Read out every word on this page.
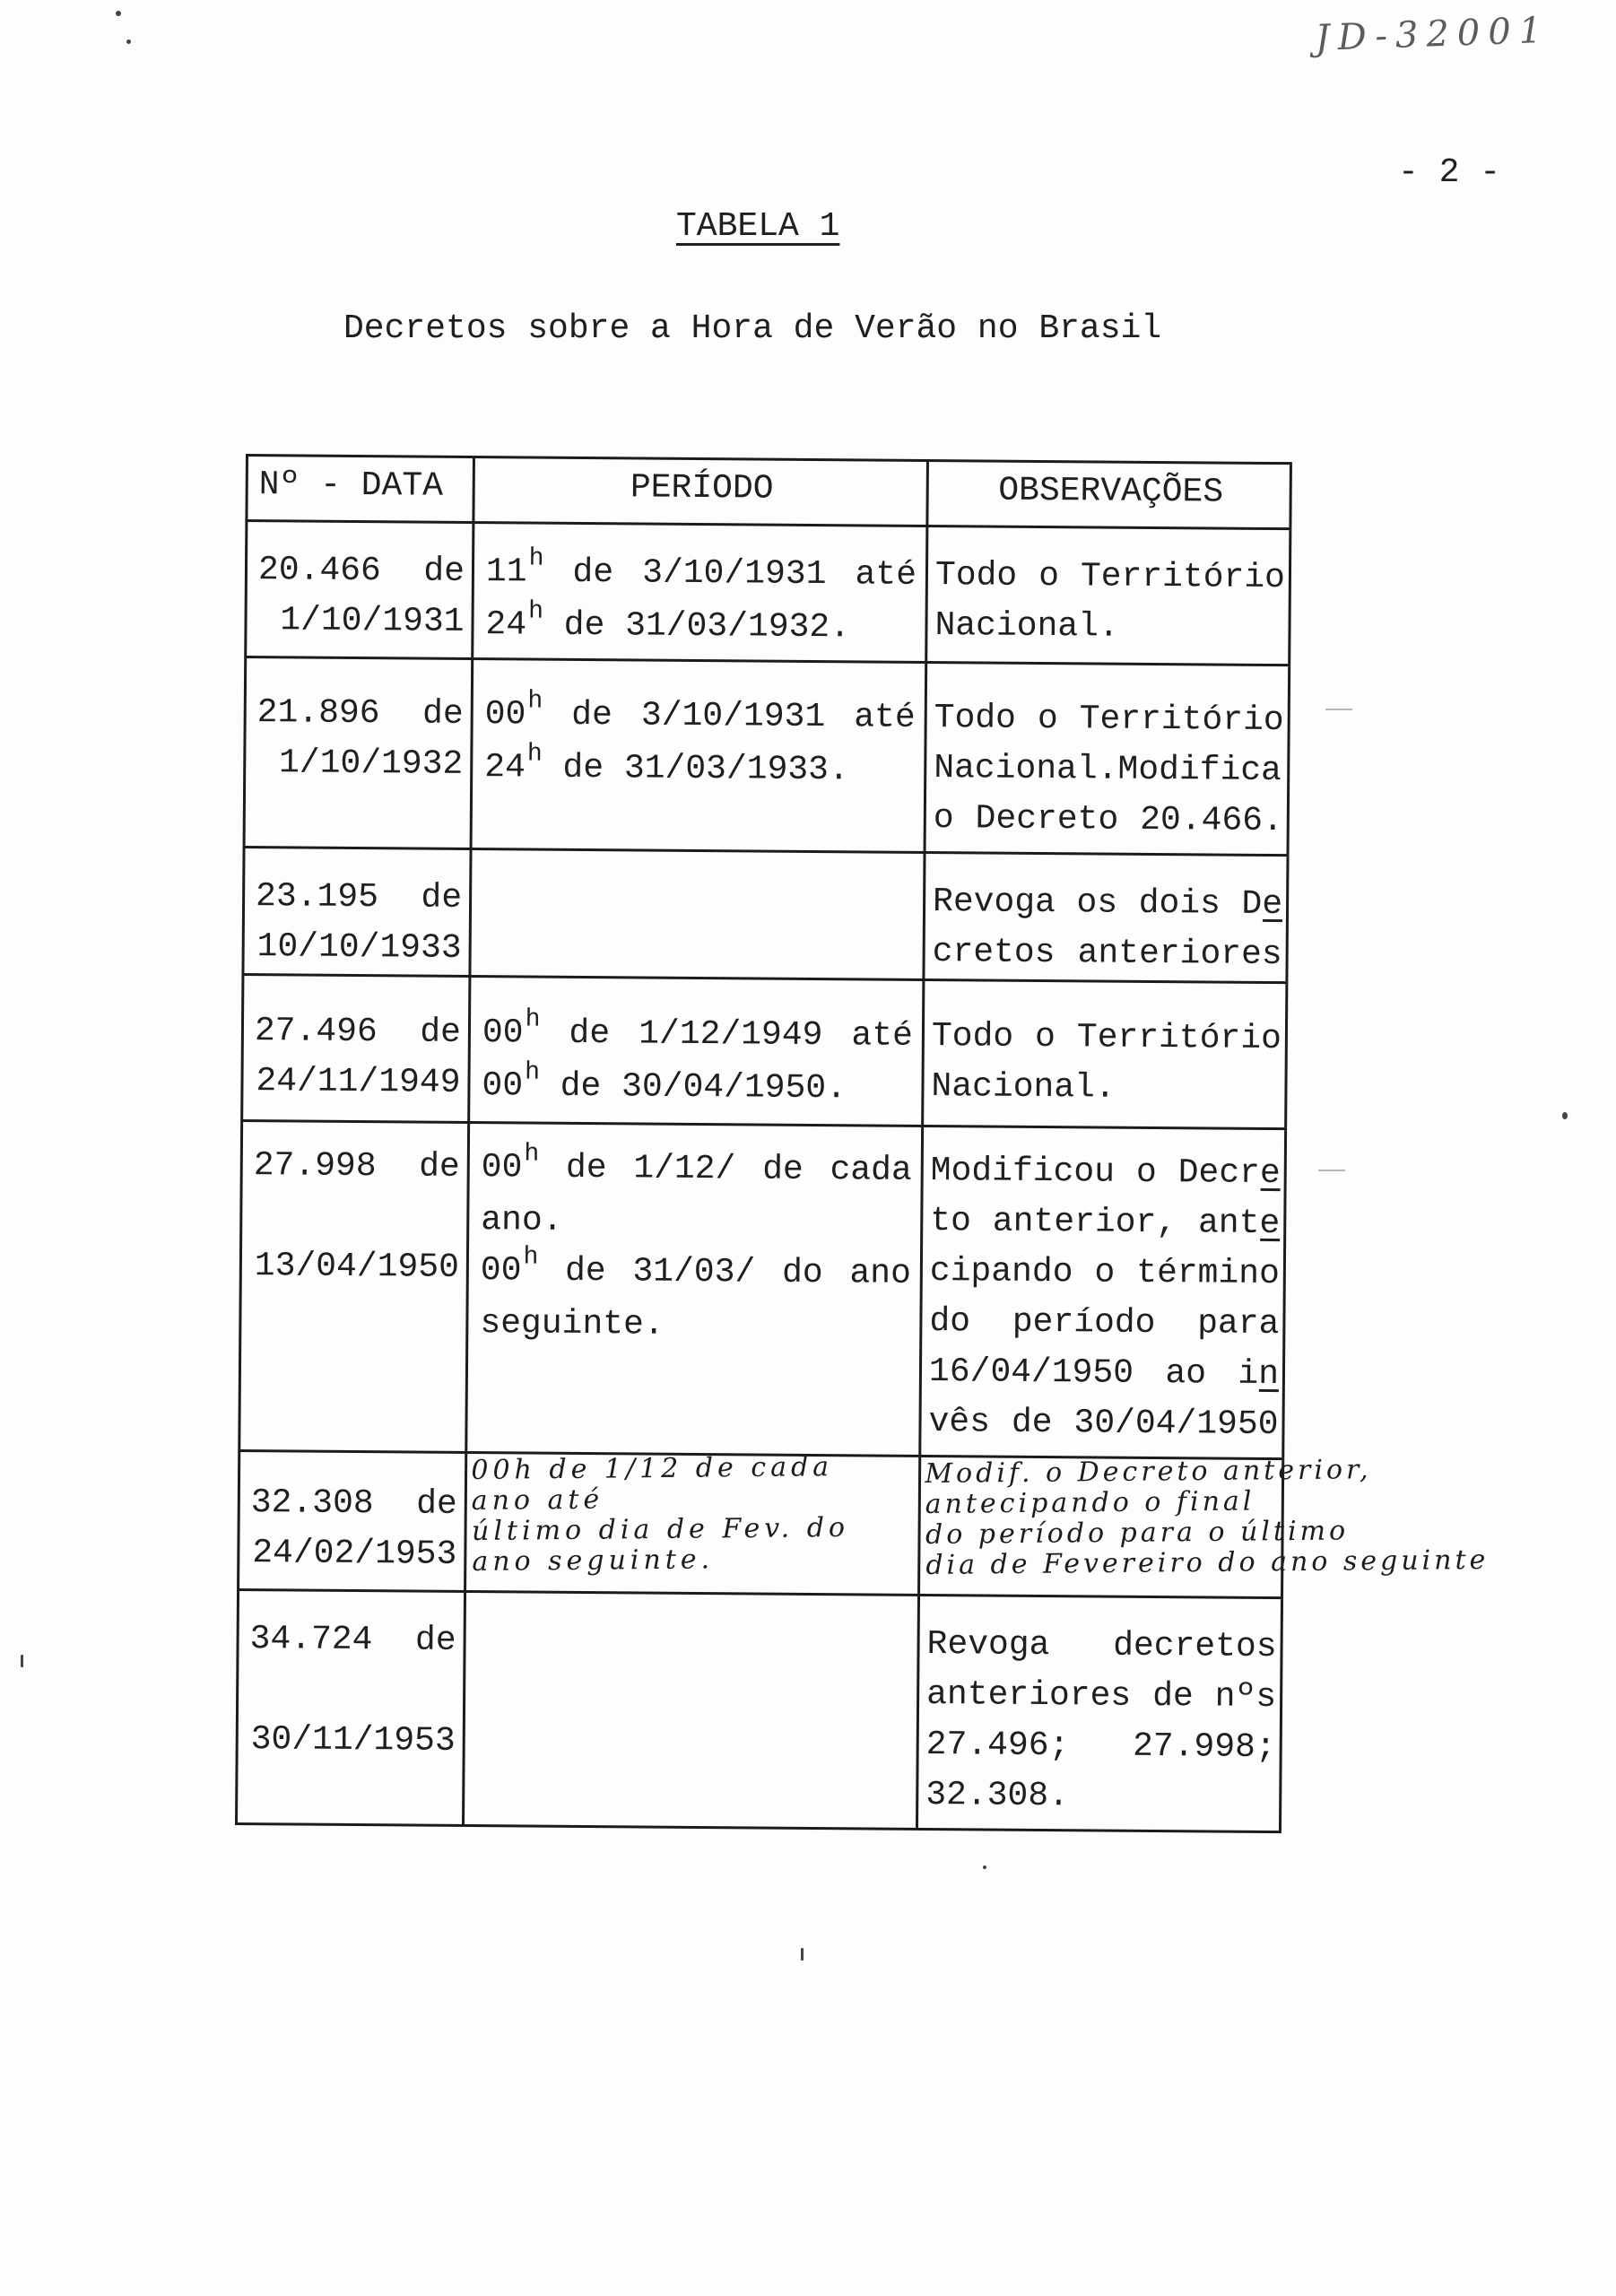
JD-32001
- 2 -
TABELA 1
Decretos sobre a Hora de Verão no Brasil
Nº - DATA	PERÍODO	OBSERVAÇÕES
20.466 de
1/10/1931
11$^h$ de 3/10/1931 até
24$^h$ de 31/03/1932.
Todo o Território
Nacional.
21.896 de
1/10/1932
00$^h$ de 3/10/1931 até
24$^h$ de 31/03/1933.
Todo o Território
Nacional.Modifica
o Decreto 20.466.
23.195 de
10/10/1933
Revoga os dois De
cretos anteriores
27.496 de
24/11/1949
00$^h$ de 1/12/1949 até
00$^h$ de 30/04/1950.
Todo o Território
Nacional.
27.998 de
13/04/1950
00$^h$ de 1/12/ de cada
ano.
00$^h$ de 31/03/ do ano
seguinte.
Modificou o Decre
to anterior, ante
cipando o término
do período para
16/04/1950 ao in
vês de 30/04/1950
32.308 de
24/02/1953
00h de 1/12 de cada
ano até
último dia de Fev. do
ano seguinte.
Modif. o Decreto anterior,
antecipando o final
do período para o último
dia de Fevereiro do ano seguinte
34.724 de
30/11/1953
Revoga decretos
anteriores de nºs
27.496; 27.998;
32.308.
